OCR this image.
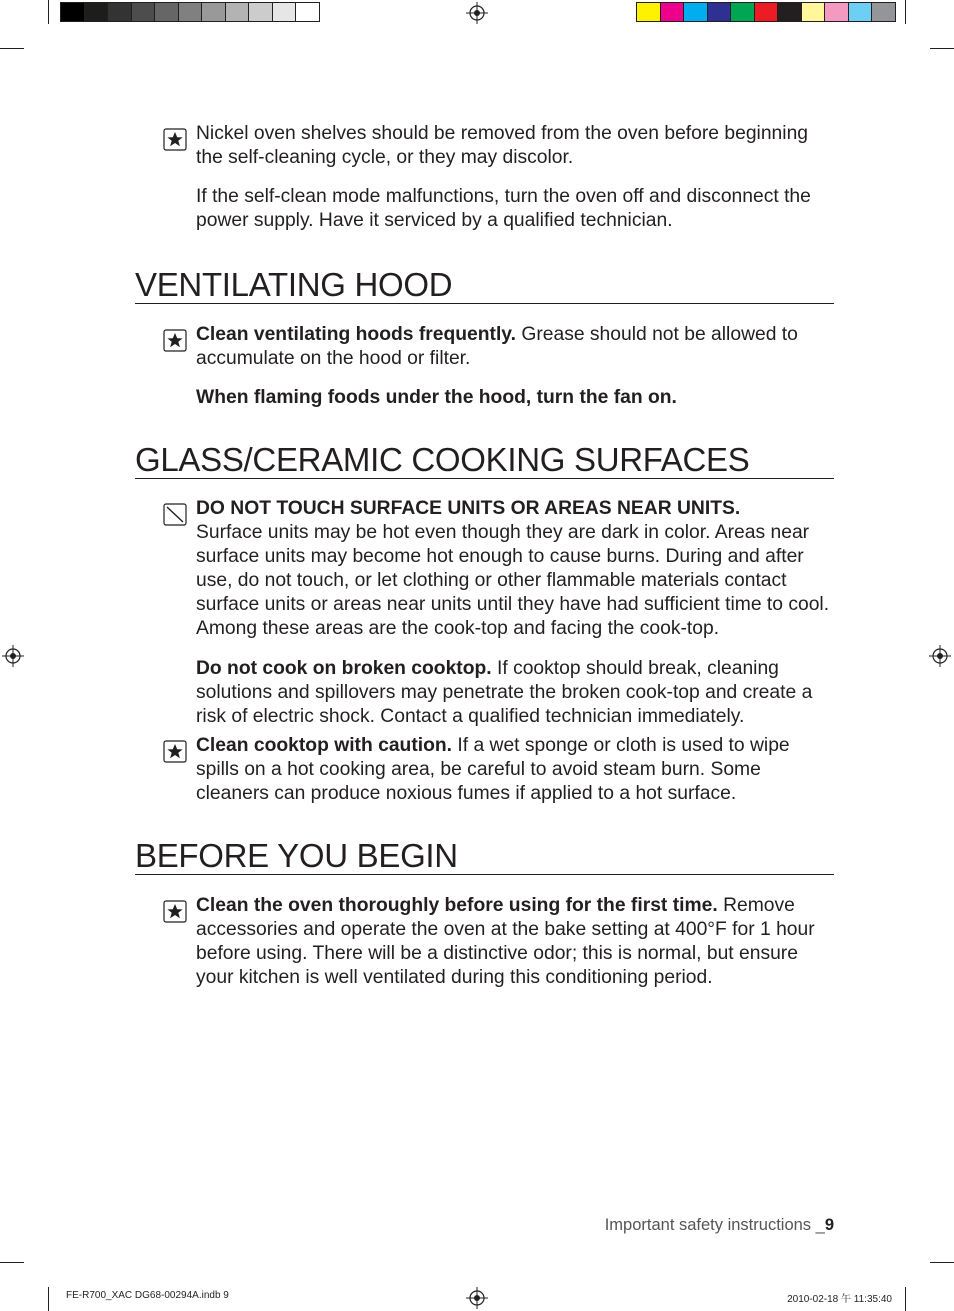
Nickel oven shelves should be removed from the oven before beginning the self-cleaning cycle, or they may discolor.
If the self-clean mode malfunctions, turn the oven off and disconnect the power supply. Have it serviced by a qualified technician.
VENTILATING HOOD
Clean ventilating hoods frequently. Grease should not be allowed to accumulate on the hood or filter.
When flaming foods under the hood, turn the fan on.
GLASS/CERAMIC COOKING SURFACES
DO NOT TOUCH SURFACE UNITS OR AREAS NEAR UNITS.
Surface units may be hot even though they are dark in color. Areas near surface units may become hot enough to cause burns. During and after use, do not touch, or let clothing or other flammable materials contact surface units or areas near units until they have had sufficient time to cool. Among these areas are the cook-top and facing the cook-top.
Do not cook on broken cooktop. If cooktop should break, cleaning solutions and spillovers may penetrate the broken cook-top and create a risk of electric shock. Contact a qualified technician immediately.
Clean cooktop with caution. If a wet sponge or cloth is used to wipe spills on a hot cooking area, be careful to avoid steam burn. Some cleaners can produce noxious fumes if applied to a hot surface.
BEFORE YOU BEGIN
Clean the oven thoroughly before using for the first time. Remove accessories and operate the oven at the bake setting at 400°F for 1 hour before using. There will be a distinctive odor; this is normal, but ensure your kitchen is well ventilated during this conditioning period.
Important safety instructions _9
FE-R700_XAC DG68-00294A.indb 9	2010-02-18 午 11:35:40
